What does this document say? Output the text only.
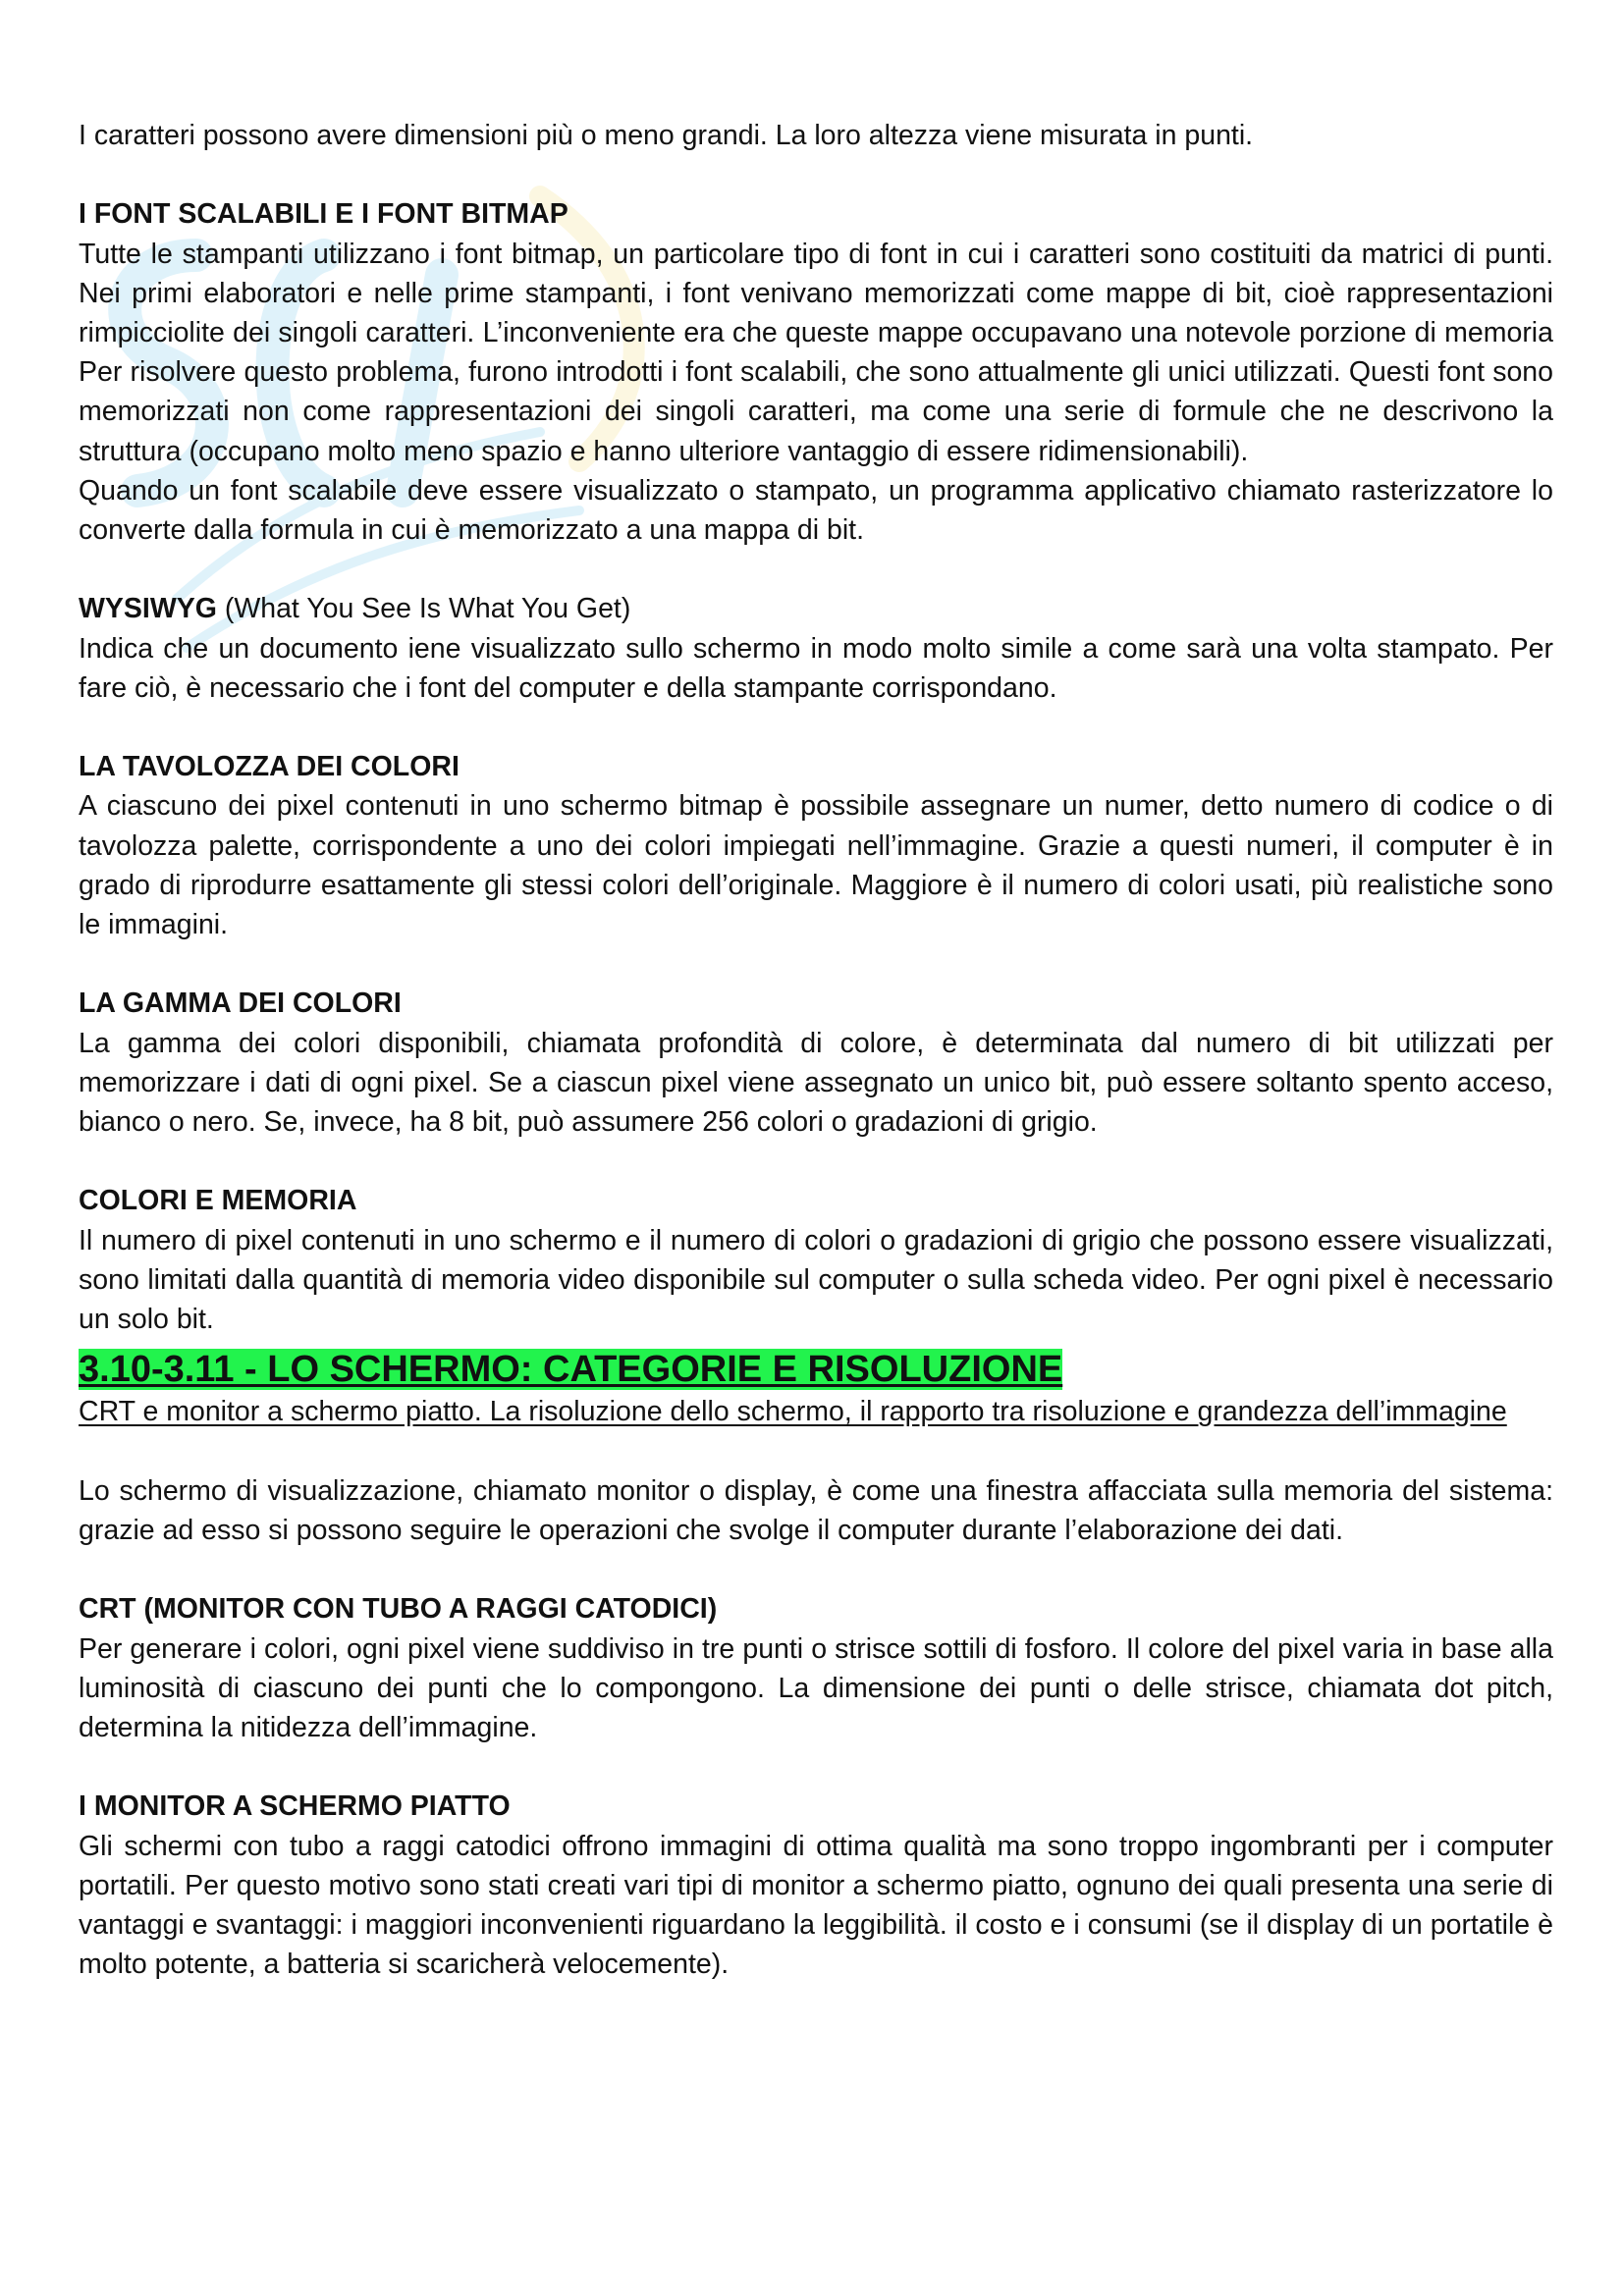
I caratteri possono avere dimensioni più o meno grandi. La loro altezza viene misurata in punti.

I FONT SCALABILI E I FONT BITMAP

Tutte le stampanti utilizzano i font bitmap, un particolare tipo di font in cui i caratteri sono costituiti da matrici di punti. Nei primi elaboratori e nelle prime stampanti, i font venivano memorizzati come mappe di bit, cioè rappresentazioni rimpicciolite dei singoli caratteri. L’inconveniente era che queste mappe occupavano una notevole porzione di memoria Per risolvere questo problema, furono introdotti i font scalabili, che sono attualmente gli unici utilizzati. Questi font sono memorizzati non come rappresentazioni dei singoli caratteri, ma come una serie di formule che ne descrivono la struttura (occupano molto meno spazio e hanno ulteriore vantaggio di essere ridimensionabili).

Quando un font scalabile deve essere visualizzato o stampato, un programma applicativo chiamato rasterizzatore lo converte dalla formula in cui è memorizzato a una mappa di bit.

WYSIWYG (What You See Is What You Get)

Indica che un documento iene visualizzato sullo schermo in modo molto simile a come sarà una volta stampato. Per fare ciò, è necessario che i font del computer e della stampante corrispondano.

LA TAVOLOZZA DEI COLORI

A ciascuno dei pixel contenuti in uno schermo bitmap è possibile assegnare un numer, detto numero di codice o di tavolozza palette, corrispondente a uno dei colori impiegati nell’immagine. Grazie a questi numeri, il computer è in grado di riprodurre esattamente gli stessi colori dell’originale. Maggiore è il numero di colori usati, più realistiche sono le immagini.

LA GAMMA DEI COLORI

La gamma dei colori disponibili, chiamata profondità di colore, è determinata dal numero di bit utilizzati per memorizzare i dati di ogni pixel. Se a ciascun pixel viene assegnato un unico bit, può essere soltanto spento acceso, bianco o nero. Se, invece, ha 8 bit, può assumere 256 colori o gradazioni di grigio.

COLORI E MEMORIA

Il numero di pixel contenuti in uno schermo e il numero di colori o gradazioni di grigio che possono essere visualizzati, sono limitati dalla quantità di memoria video disponibile sul computer o sulla scheda video. Per ogni pixel è necessario un solo bit.

3.10-3.11 - LO SCHERMO: CATEGORIE E RISOLUZIONE

CRT e monitor a schermo piatto. La risoluzione dello schermo, il rapporto tra risoluzione e grandezza dell’immagine

Lo schermo di visualizzazione, chiamato monitor o display, è come una finestra affacciata sulla memoria del sistema: grazie ad esso si possono seguire le operazioni che svolge il computer durante l’elaborazione dei dati.

CRT (MONITOR CON TUBO A RAGGI CATODICI)

Per generare i colori, ogni pixel viene suddiviso in tre punti o strisce sottili di fosforo. Il colore del pixel varia in base alla luminosità di ciascuno dei punti che lo compongono. La dimensione dei punti o delle strisce, chiamata dot pitch, determina la nitidezza dell’immagine.

I MONITOR A SCHERMO PIATTO

Gli schermi con tubo a raggi catodici offrono immagini di ottima qualità ma sono troppo ingombranti per i computer portatili. Per questo motivo sono stati creati vari tipi di monitor a schermo piatto, ognuno dei quali presenta una serie di vantaggi e svantaggi: i maggiori inconvenienti riguardano la leggibilità. il costo e i consumi (se il display di un portatile è molto potente, a batteria si scaricherà velocemente).
